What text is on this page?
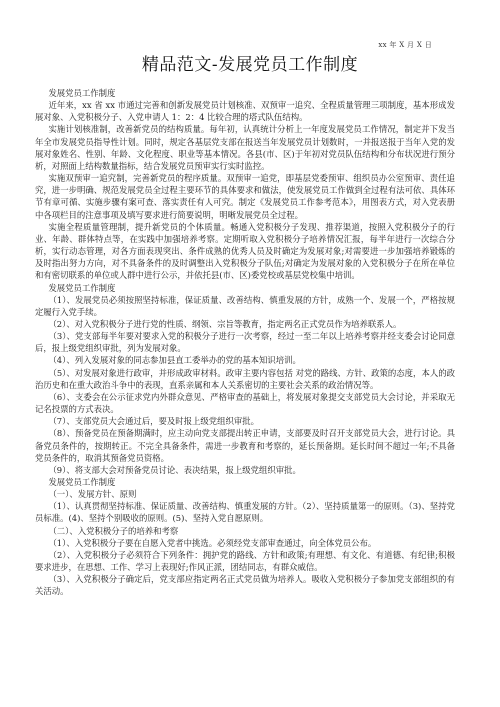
xx 年 X 月 X 日
精品范文-发展党员工作制度

发展党员工作制度

近年来，xx 省 xx 市通过完善和创新发展党员计划核准、双预审一追究、全程质量管理三项制度，基本形成发展对象、入党积极分子、入党申请人 1：2：4 比较合理的塔式队伍结构。

实施计划核准制，改善新党员的结构质量。每年初，认真统计分析上一年度发展党员工作情况，制定并下发当年全市发展党员指导性计划。同时，规定各基层党支部在报送当年发展党员计划数时，一并报送报于当年入党的发展对象姓名、性别、年龄、文化程度、职业等基本情况。各县(市、区)于年初对党员队伍结构和分布状况进行预分析，对照面上结构数量指标，结合发展党员预审实行实时监控。

实施双预审一追究制，完善新党员的程序质量。双预审一追党，即基层党委预审、组织员办公室预审、责任追究，进一步明确、规范发展党员全过程主要环节的具体要求和做法，使发展党员工作做到全过程有法可依、具体环节有章可循、实施步骤有案可查、落实责任有人可究。制定《发展党员工作参考范本》，用图表方式，对入党表册中各项栏目的注意事项及填写要求进行简要说明，明晰发展党员全过程。

实施全程质量管理制，提升新党员的个体质量。畅通入党积极分子发现、推荐渠道，按照入党积极分子的行业、年龄、群体特点等，在实践中加强培养考察。定期听取入党积极分子培养情况汇报，每半年进行一次综合分析，实行动态管理，对各方面表现突出、条件成熟的优秀人员及时确定为发展对象;对需要进一步加强培养锻炼的及时指出努力方向，对不具备条件的及时调整出入党积极分子队伍;对确定为发展对象的入党积极分子在所在单位和有密切联系的单位或人群中进行公示，并依托县(市、区)委党校或基层党校集中培训。

发展党员工作制度

（1）、发展党员必须按照坚持标准，保证质量、改善结构、慎重发展的方针，成熟一个、发展一个，严格按规定履行入党手续。

（2）、对入党积极分子进行党的性质、纲领、宗旨等教育，指定两名正式党员作为培养联系人。

（3）、党支部每半年要对要求入党的积极分子进行一次考察，经过一至二年以上培养考察并经支委会讨论同意后，报上级党组织审批，列为发展对象。

（4）、列入发展对象的同志参加县直工委举办的党的基本知识培训。

（5）、对发展对象进行政审，并形成政审材料。政审主要内容包括 对党的路线、方针、政策的态度，本人的政治历史和在重大政治斗争中的表现，直系亲属和本人关系密切的主要社会关系的政治情况等。

（6）、支委会在公示征求党内外群众意见、严格审查的基础上，将发展对象提交支部党员大会讨论，并采取无记名投票的方式表决。

（7）、支部党员大会通过后，要及时报上级党组织审批。

（8）、预备党员在预备期满时，应主动向党支部提出转正申请，支部要及时召开支部党员大会，进行讨论。具备党员条件的，按期转正。不完全具备条件，需进一步教育和考察的，延长预备期。延长时间不超过一年;不具备党员条件的，取消其预备党员资格。

（9）、将支部大会对预备党员讨论、表决结果，报上级党组织审批。

发展党员工作制度

（一）、发展方针、原则

（1）、认真贯彻坚持标准、保证质量、改善结构、慎重发展的方针。（2）、坚持质量第一的原则。（3)、坚持党员标准。(4)、坚持个别吸收的原则。(5)、坚持入党自愿原则。

（二）、入党积极分子的培养和考察

（1）、入党积极分子要在自愿入党者中挑选。必须经党支部审查通过，向全体党员公布。

（2）、入党积极分子必须符合下列条件：拥护党的路线、方针和政策;有理想、有文化、有道德、有纪律;积极要求进步，在思想、工作、学习上表现好;作风正派，团结同志，有群众威信。

（3）、入党积极分子确定后，党支部应指定两名正式党员做为培养人。吸收入党积极分子参加党支部组织的有关活动。
